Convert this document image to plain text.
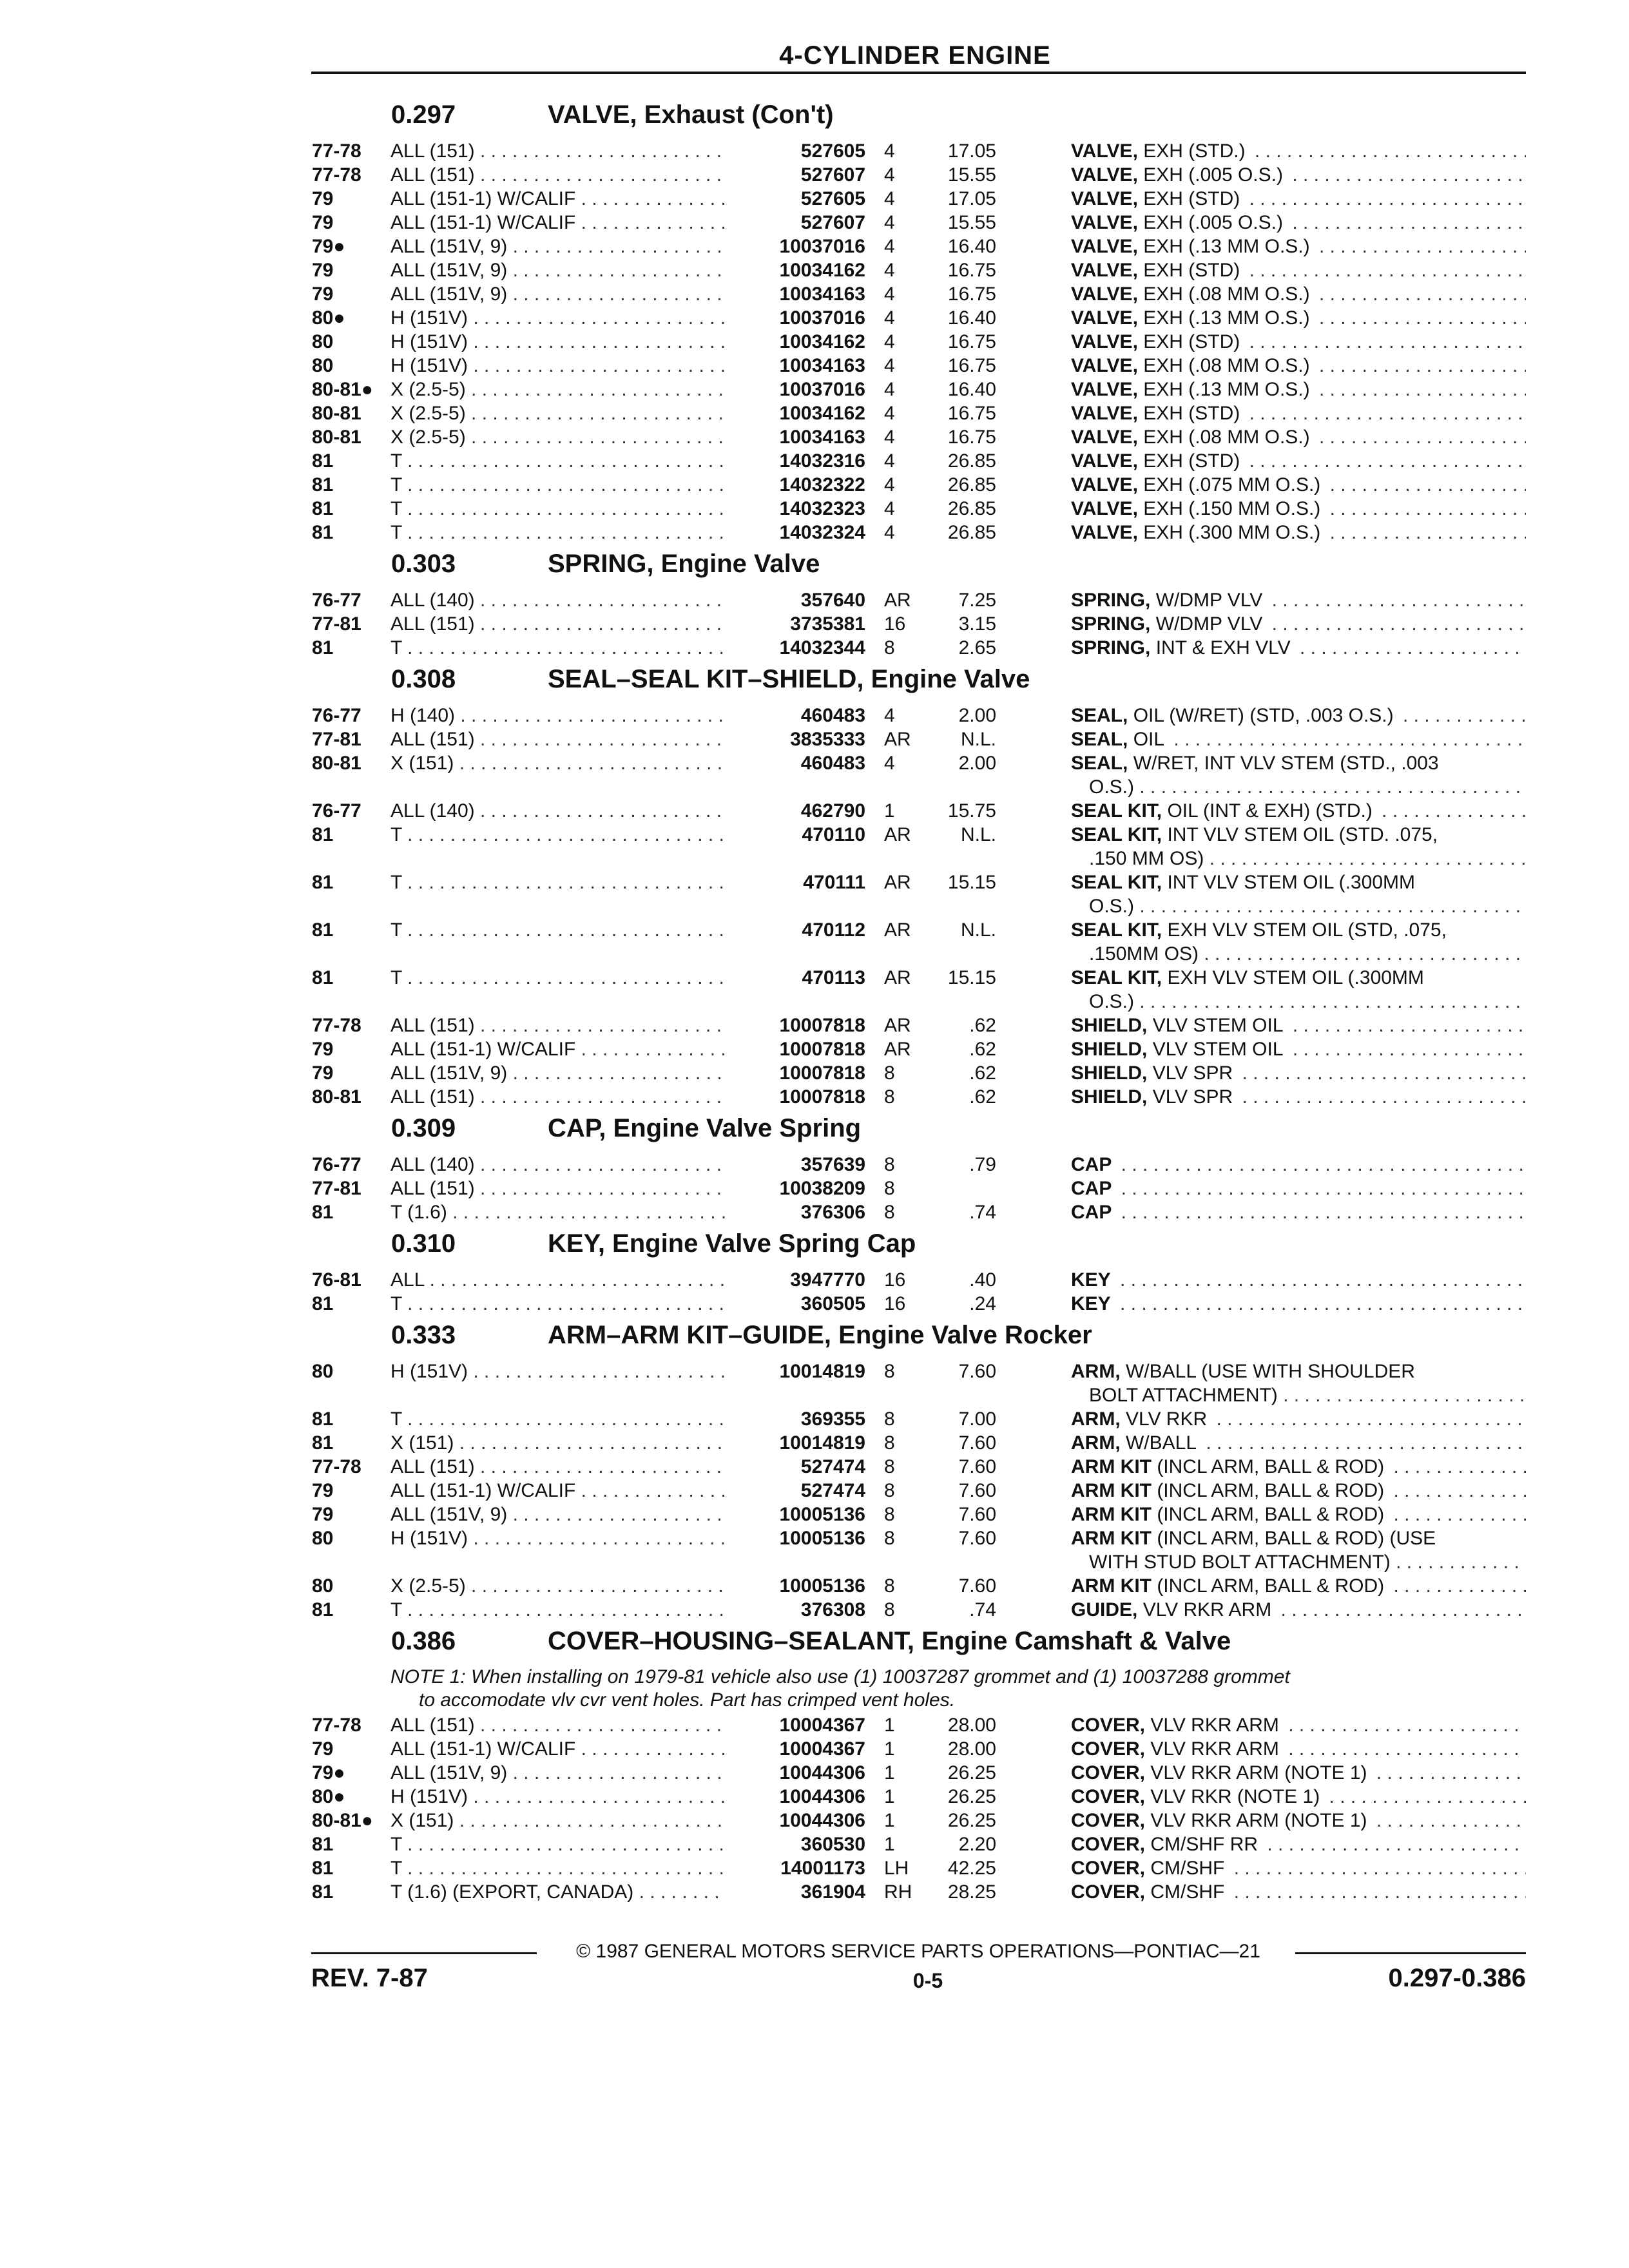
4-CYLINDER ENGINE
0.297	VALVE, Exhaust (Con't)
77-78 ALL (151) . . .	527605 4	17.05	VALVE, EXH (STD.) . . .
77-78 ALL (151) . . .	527607 4	15.55	VALVE, EXH (.005 O.S.) . . .
79	ALL (151-1) W/CALIF . . .	527605 4	17.05	VALVE, EXH (STD) . . .
79	ALL (151-1) W/CALIF . . .	527607 4	15.55	VALVE, EXH (.005 O.S.) . . .
79● ALL (151V, 9) . . .	10037016 4	16.40	VALVE, EXH (.13 MM O.S.) . . .
79	ALL (151V, 9) . . .	10034162 4	16.75	VALVE, EXH (STD) . . .
79	ALL (151V, 9) . . .	10034163 4	16.75	VALVE, EXH (.08 MM O.S.) . . .
80● H (151V) . . .	10037016 4	16.40	VALVE, EXH (.13 MM O.S.) . . .
80	H (151V) . . .	10034162 4	16.75	VALVE, EXH (STD) . . .
80	H (151V) . . .	10034163 4	16.75	VALVE, EXH (.08 MM O.S.) . . .
80-81● X (2.5-5) . . .	10037016 4	16.40	VALVE, EXH (.13 MM O.S.) . . .
80-81 X (2.5-5) . . .	10034162 4	16.75	VALVE, EXH (STD) . . .
80-81 X (2.5-5) . . .	10034163 4	16.75	VALVE, EXH (.08 MM O.S.) . . .
81	T . . .	14032316 4	26.85	VALVE, EXH (STD) . . .
81	T . . .	14032322 4	26.85	VALVE, EXH (.075 MM O.S.) . . .
81	T . . .	14032323 4	26.85	VALVE, EXH (.150 MM O.S.) . . .
81	T . . .	14032324 4	26.85	VALVE, EXH (.300 MM O.S.) . . .
0.303	SPRING, Engine Valve
76-77 ALL (140) . . .	357640 AR 7.25	SPRING, W/DMP VLV . . .
77-81 ALL (151) . . .	3735381 16	3.15	SPRING, W/DMP VLV . . .
81	T . . .	14032344 8	2.65	SPRING, INT & EXH VLV . . .
0.308	SEAL–SEAL KIT–SHIELD, Engine Valve
76-77 H (140) . . .	460483 4	2.00	SEAL, OIL (W/RET) (STD, .003 O.S.) . . .
77-81 ALL (151) . . .	3835333 AR	N.L.	SEAL, OIL . . .
80-81 X (151) . . .	460483 4	2.00	SEAL, W/RET, INT VLV STEM (STD., .003
O.S.) . . .
76-77 ALL (140) . . .	462790 1	15.75	SEAL KIT, OIL (INT & EXH) (STD.) . . .
81	T . . .	470110 AR	N.L.	SEAL KIT, INT VLV STEM OIL (STD. .075,
.150 MM OS) . . .
81	T . . .	470111 AR 15.15	SEAL KIT, INT VLV STEM OIL (.300MM
O.S.) . . .
81	T . . .	470112 AR	N.L.	SEAL KIT, EXH VLV STEM OIL (STD, .075,
.150MM OS) . . .
81	T . . .	470113 AR 15.15	SEAL KIT, EXH VLV STEM OIL (.300MM
O.S.) . . .
77-78 ALL (151) . . .	10007818 AR	.62	SHIELD, VLV STEM OIL . . .
79	ALL (151-1) W/CALIF . . .	10007818 AR	.62	SHIELD, VLV STEM OIL . . .
79	ALL (151V, 9) . . .	10007818 8	.62	SHIELD, VLV SPR . . .
80-81 ALL (151) . . .	10007818 8	.62	SHIELD, VLV SPR . . .
0.309	CAP, Engine Valve Spring
76-77 ALL (140) . . .	357639 8	.79	CAP . . .
77-81 ALL (151) . . .	10038209 8	CAP . . .
81	T (1.6) . . .	376306 8	.74	CAP . . .
0.310	KEY, Engine Valve Spring Cap
76-81 ALL . . .	3947770 16	.40	KEY . . .
81	T . . .	360505 16	.24	KEY . . .
0.333	ARM–ARM KIT–GUIDE, Engine Valve Rocker
80	H (151V) . . .	10014819 8	7.60	ARM, W/BALL (USE WITH SHOULDER
BOLT ATTACHMENT) . . .
81	T . . .	369355 8	7.00	ARM, VLV RKR . . .
81	X (151) . . .	10014819 8	7.60	ARM, W/BALL . . .
77-78 ALL (151) . . .	527474 8	7.60	ARM KIT (INCL ARM, BALL & ROD) . . .
79	ALL (151-1) W/CALIF . . .	527474 8	7.60	ARM KIT (INCL ARM, BALL & ROD) . . .
79	ALL (151V, 9) . . .	10005136 8	7.60	ARM KIT (INCL ARM, BALL & ROD) . . .
80	H (151V) . . .	10005136 8	7.60	ARM KIT (INCL ARM, BALL & ROD) (USE
WITH STUD BOLT ATTACHMENT) . . .
80	X (2.5-5) . . .	10005136 8	7.60	ARM KIT (INCL ARM, BALL & ROD) . . .
81	T . . .	376308 8	.74	GUIDE, VLV RKR ARM . . .
0.386	COVER–HOUSING–SEALANT, Engine Camshaft & Valve
NOTE 1: When installing on 1979-81 vehicle also use (1) 10037287 grommet and (1) 10037288 grommet
to accomodate vlv cvr vent holes. Part has crimped vent holes.
77-78 ALL (151) . . .	10004367 1	28.00	COVER, VLV RKR ARM . . .
79	ALL (151-1) W/CALIF . . .	10004367 1	28.00	COVER, VLV RKR ARM . . .
79● ALL (151V, 9) . . .	10044306 1	26.25	COVER, VLV RKR ARM (NOTE 1) . . .
80● H (151V) . . .	10044306 1	26.25	COVER, VLV RKR (NOTE 1) . . .
80-81● X (151) . . .	10044306 1	26.25	COVER, VLV RKR ARM (NOTE 1) . . .
81	T . . .	360530 1	2.20	COVER, CM/SHF RR . . .
81	T . . .	14001173 LH 42.25	COVER, CM/SHF . . .
81	T (1.6) (EXPORT, CANADA) . . .	361904 RH 28.25	COVER, CM/SHF . . .
© 1987 GENERAL MOTORS SERVICE PARTS OPERATIONS—PONTIAC—21
REV. 7-87	0-5	0.297-0.386
